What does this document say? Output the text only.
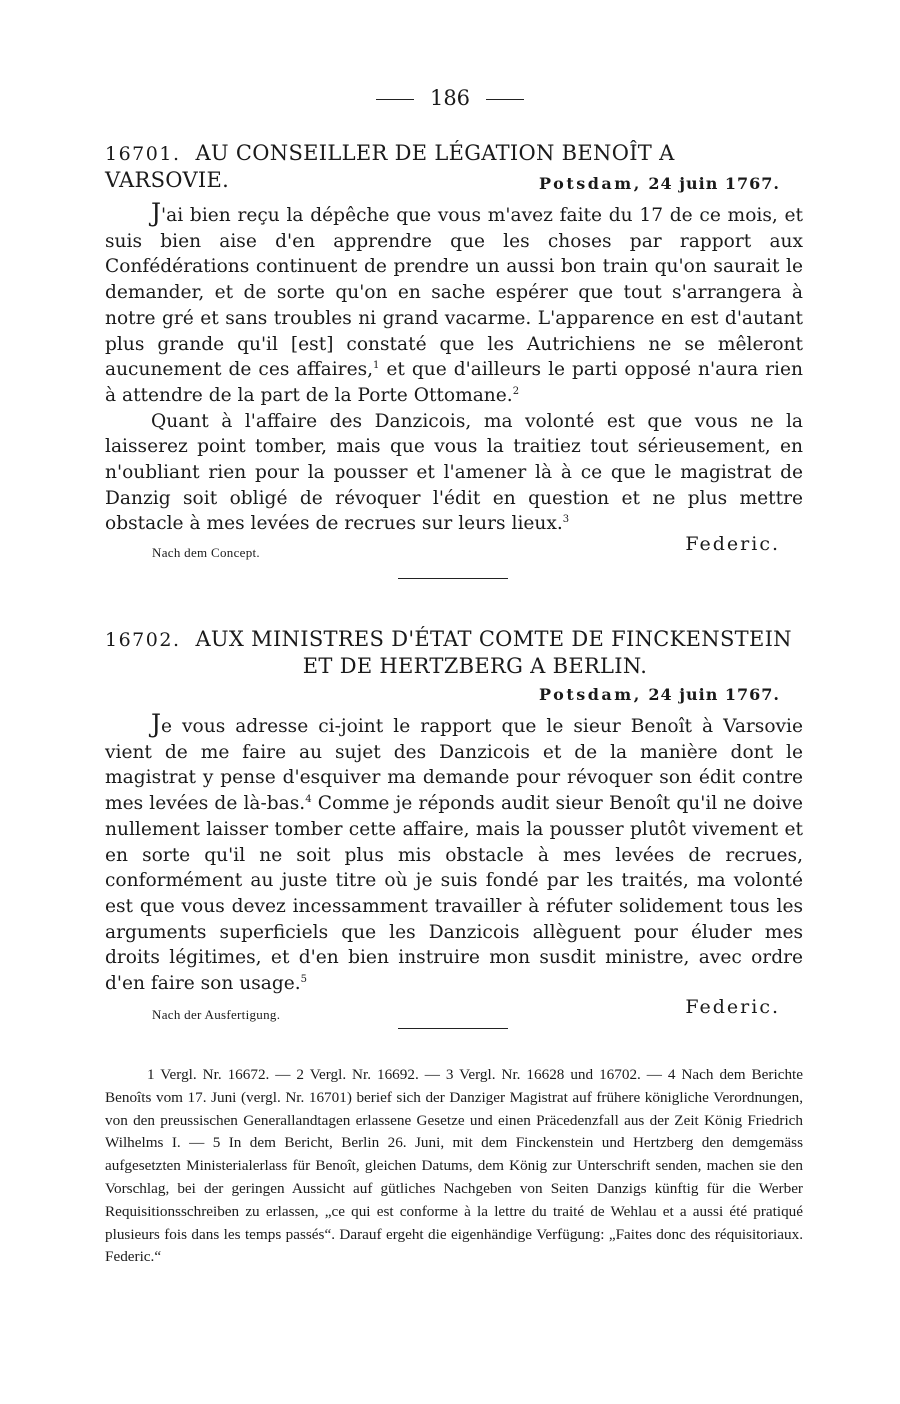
186
16701. AU CONSEILLER DE LÉGATION BENOÎT A VARSOVIE.	Potsdam, 24 juin 1767.

J'ai bien reçu la dépêche que vous m'avez faite du 17 de ce mois, et suis bien aise d'en apprendre que les choses par rapport aux Confédérations continuent de prendre un aussi bon train qu'on saurait le demander, et de sorte qu'on en sache espérer que tout s'arrangera à notre gré et sans troubles ni grand vacarme. L'apparence en est d'autant plus grande qu'il [est] constaté que les Autrichiens ne se mêleront aucunement de ces affaires,$^1$ et que d'ailleurs le parti opposé n'aura rien à attendre de la part de la Porte Ottomane.$^2$

Quant à l'affaire des Danzicois, ma volonté est que vous ne la laisserez point tomber, mais que vous la traitiez tout sérieusement, en n'oubliant rien pour la pousser et l'amener là à ce que le magistrat de Danzig soit obligé de révoquer l'édit en question et ne plus mettre obstacle à mes levées de recrues sur leurs lieux.$^3$

Nach dem Concept.	Federic.
16702. AUX MINISTRES D'ÉTAT COMTE DE FINCKENSTEIN
ET DE HERTZBERG A BERLIN.
Potsdam, 24 juin 1767.

Je vous adresse ci-joint le rapport que le sieur Benoît à Varsovie vient de me faire au sujet des Danzicois et de la manière dont le magistrat y pense d'esquiver ma demande pour révoquer son édit contre mes levées de là-bas.$^4$ Comme je réponds audit sieur Benoît qu'il ne doive nullement laisser tomber cette affaire, mais la pousser plutôt vivement et en sorte qu'il ne soit plus mis obstacle à mes levées de recrues, conformément au juste titre où je suis fondé par les traités, ma volonté est que vous devez incessamment travailler à réfuter solidement tous les arguments superficiels que les Danzicois allèguent pour éluder mes droits légitimes, et d'en bien instruire mon susdit ministre, avec ordre d'en faire son usage.$^5$

Nach der Ausfertigung.	Federic.

1 Vergl. Nr. 16672. — 2 Vergl. Nr. 16692. — 3 Vergl. Nr. 16628 und 16702. — 4 Nach dem Berichte Benoîts vom 17. Juni (vergl. Nr. 16701) berief sich der Danziger Magistrat auf frühere königliche Verordnungen, von den preussischen Generallandtagen erlassene Gesetze und einen Präcedenzfall aus der Zeit König Friedrich Wilhelms I. — 5 In dem Bericht, Berlin 26. Juni, mit dem Finckenstein und Hertzberg den demgemäss aufgesetzten Ministerialerlass für Benoît, gleichen Datums, dem König zur Unterschrift senden, machen sie den Vorschlag, bei der geringen Aussicht auf gütliches Nachgeben von Seiten Danzigs künftig für die Werber Requisitionsschreiben zu erlassen, „ce qui est conforme à la lettre du traité de Wehlau et a aussi été pratiqué plusieurs fois dans les temps passés“. Darauf ergeht die eigenhändige Verfügung: „Faites donc des réquisitoriaux. Federic.“
